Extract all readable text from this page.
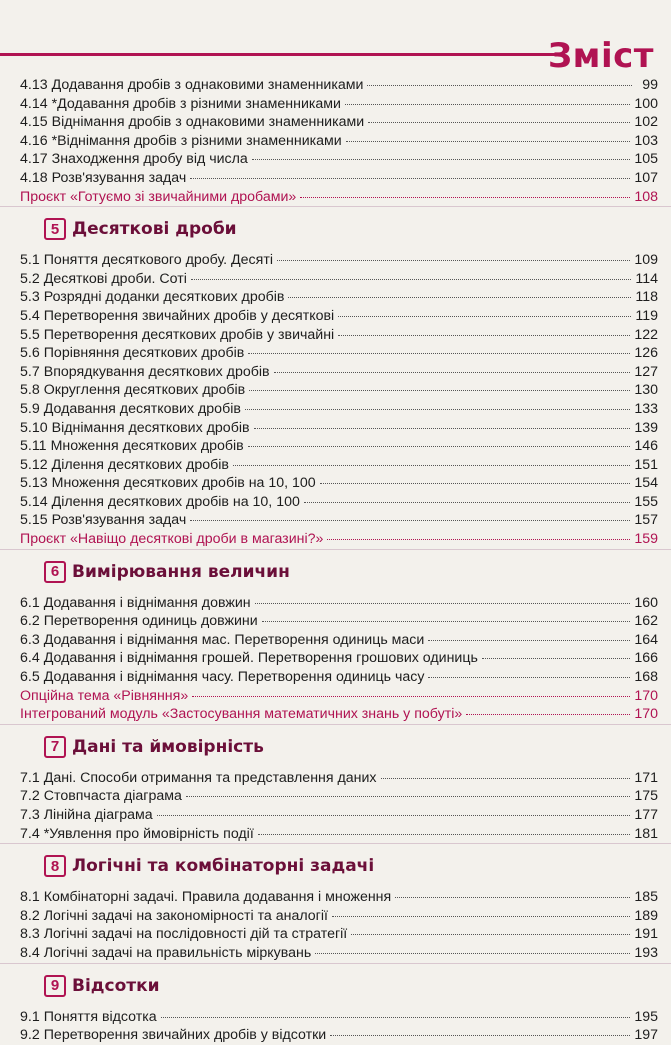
Зміст
4.13 Додавання дробів з однаковими знаменниками	99
4.14 *Додавання дробів з різними знаменниками	100
4.15 Віднімання дробів з однаковими знаменниками	102
4.16 *Віднімання дробів з різними знаменниками	103
4.17 Знаходження дробу від числа	105
4.18 Розв'язування задач	107
Проєкт «Готуємо зі звичайними дробами»	108
5 Десяткові дроби
5.1 Поняття десяткового дробу. Десяті	109
5.2 Десяткові дроби. Соті	114
5.3 Розрядні доданки десяткових дробів	118
5.4 Перетворення звичайних дробів у десяткові	119
5.5 Перетворення десяткових дробів у звичайні	122
5.6 Порівняння десяткових дробів	126
5.7 Впорядкування десяткових дробів	127
5.8 Округлення десяткових дробів	130
5.9 Додавання десяткових дробів	133
5.10 Віднімання десяткових дробів	139
5.11 Множення десяткових дробів	146
5.12 Ділення десяткових дробів	151
5.13 Множення десяткових дробів на 10, 100	154
5.14 Ділення десяткових дробів на 10, 100	155
5.15 Розв'язування задач	157
Проєкт «Навіщо десяткові дроби в магазині?»	159
6 Вимірювання величин
6.1 Додавання і віднімання довжин	160
6.2 Перетворення одиниць довжини	162
6.3 Додавання і віднімання мас. Перетворення одиниць маси	164
6.4 Додавання і віднімання грошей. Перетворення грошових одиниць	166
6.5 Додавання і віднімання часу. Перетворення одиниць часу	168
Опційна тема «Рівняння»	170
Інтегрований модуль «Застосування математичних знань у побуті»	170
7 Дані та ймовірність
7.1 Дані. Способи отримання та представлення даних	171
7.2 Стовпчаста діаграма	175
7.3 Лінійна діаграма	177
7.4 *Уявлення про ймовірність події	181
8 Логічні та комбінаторні задачі
8.1 Комбінаторні задачі. Правила додавання і множення	185
8.2 Логічні задачі на закономірності та аналогії	189
8.3 Логічні задачі на послідовності дій та стратегії	191
8.4 Логічні задачі на правильність міркувань	193
9 Відсотки
9.1 Поняття відсотка	195
9.2 Перетворення звичайних дробів у відсотки	197
